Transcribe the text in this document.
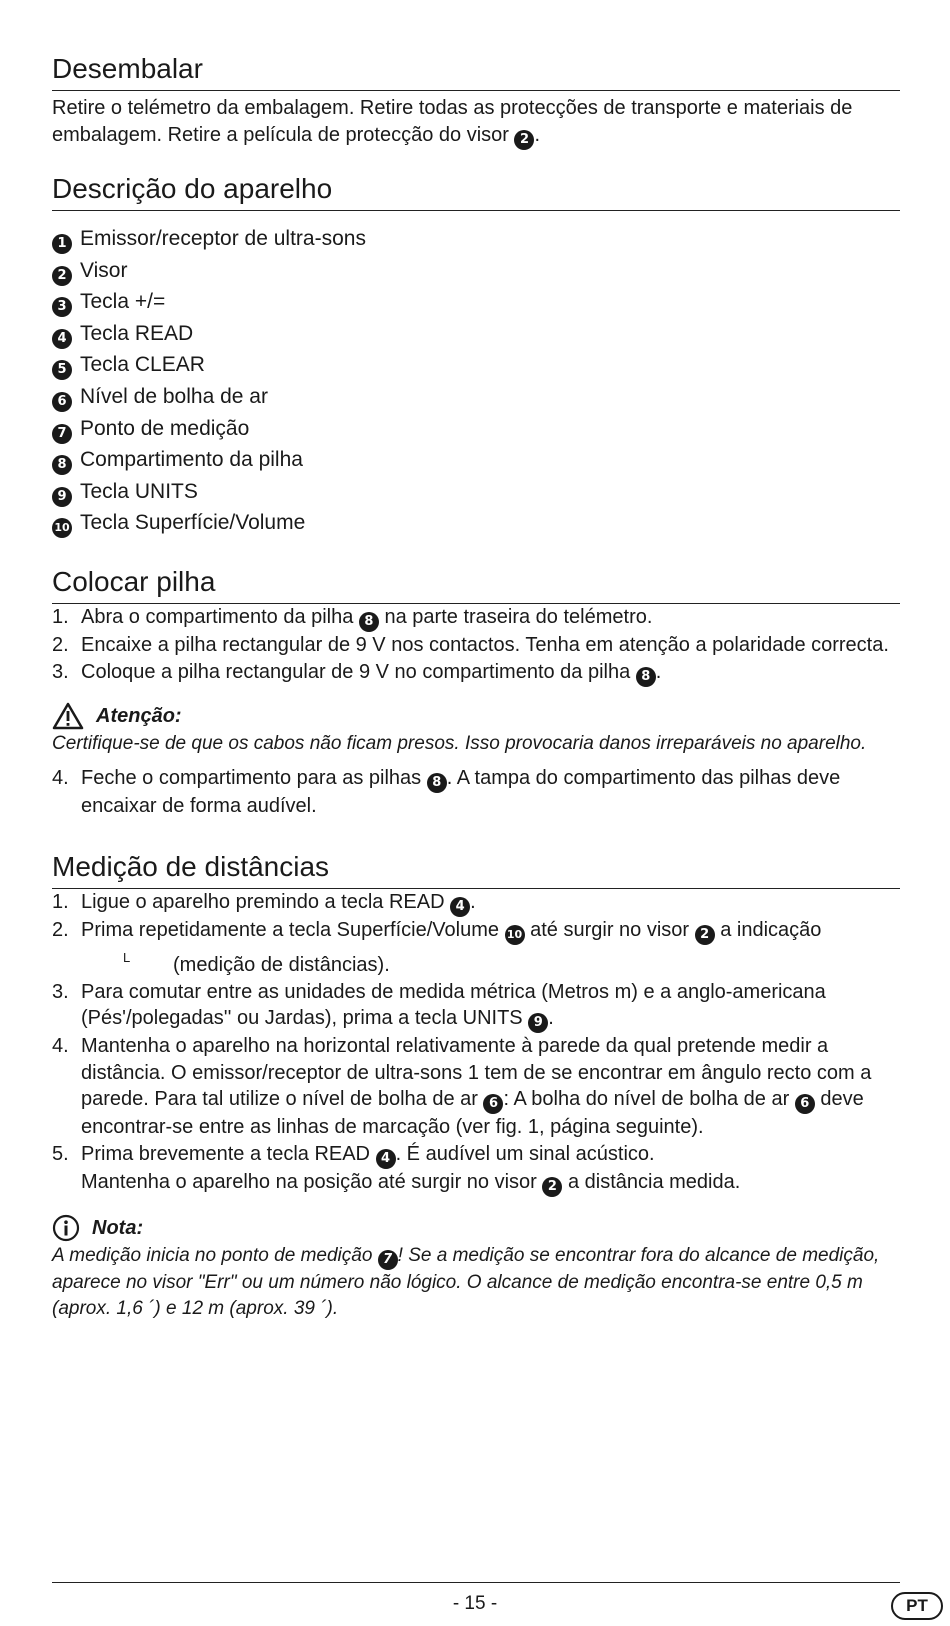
Desembalar

Retire o telémetro da embalagem. Retire todas as protecções de transporte e materiais de embalagem. Retire a película de protecção do visor 2 .

Descrição do aparelho
1 Emissor/receptor de ultra-sons
2 Visor
3 Tecla +/=
4 Tecla READ
5 Tecla CLEAR
6 Nível de bolha de ar
7 Ponto de medição
8 Compartimento da pilha
9 Tecla UNITS
10 Tecla Superfície/Volume
Colocar pilha
1. Abra o compartimento da pilha 8 na parte traseira do telémetro.
2. Encaixe a pilha rectangular de 9 V nos contactos. Tenha em atenção a polaridade correcta.
3. Coloque a pilha rectangular de 9 V no compartimento da pilha 8 .
Atenção:

Certifique-se de que os cabos não ficam presos. Isso provocaria danos irreparáveis no aparelho.

4. Feche o compartimento para as pilhas 8 . A tampa do compartimento das pilhas deve encaixar de forma audível.
Medição de distâncias
1. Ligue o aparelho premindo a tecla READ 4 .
2. Prima repetidamente a tecla Superfície/Volume 10 até surgir no visor 2 a indicação
L (medição de distâncias).
3. Para comutar entre as unidades de medida métrica (Metros m) e a anglo-americana (Pés'/polegadas'' ou Jardas), prima a tecla UNITS 9 .
4. Mantenha o aparelho na horizontal relativamente à parede da qual pretende medir a distância. O emissor/receptor de ultra-sons 1 tem de se encontrar em ângulo recto com a parede. Para tal utilize o nível de bolha de ar 6 : A bolha do nível de bolha de ar 6 deve encontrar-se entre as linhas de marcação (ver fig. 1, página seguinte).
5. Prima brevemente a tecla READ 4 . É audível um sinal acústico.
Mantenha o aparelho na posição até surgir no visor 2 a distância medida.
Nota:

A medição inicia no ponto de medição 7 ! Se a medição se encontrar fora do alcance de medição, aparece no visor "Err" ou um número não lógico. O alcance de medição encontra-se entre 0,5 m (aprox. 1,6 ´) e 12 m (aprox. 39 ´).

- 15 -	PT
